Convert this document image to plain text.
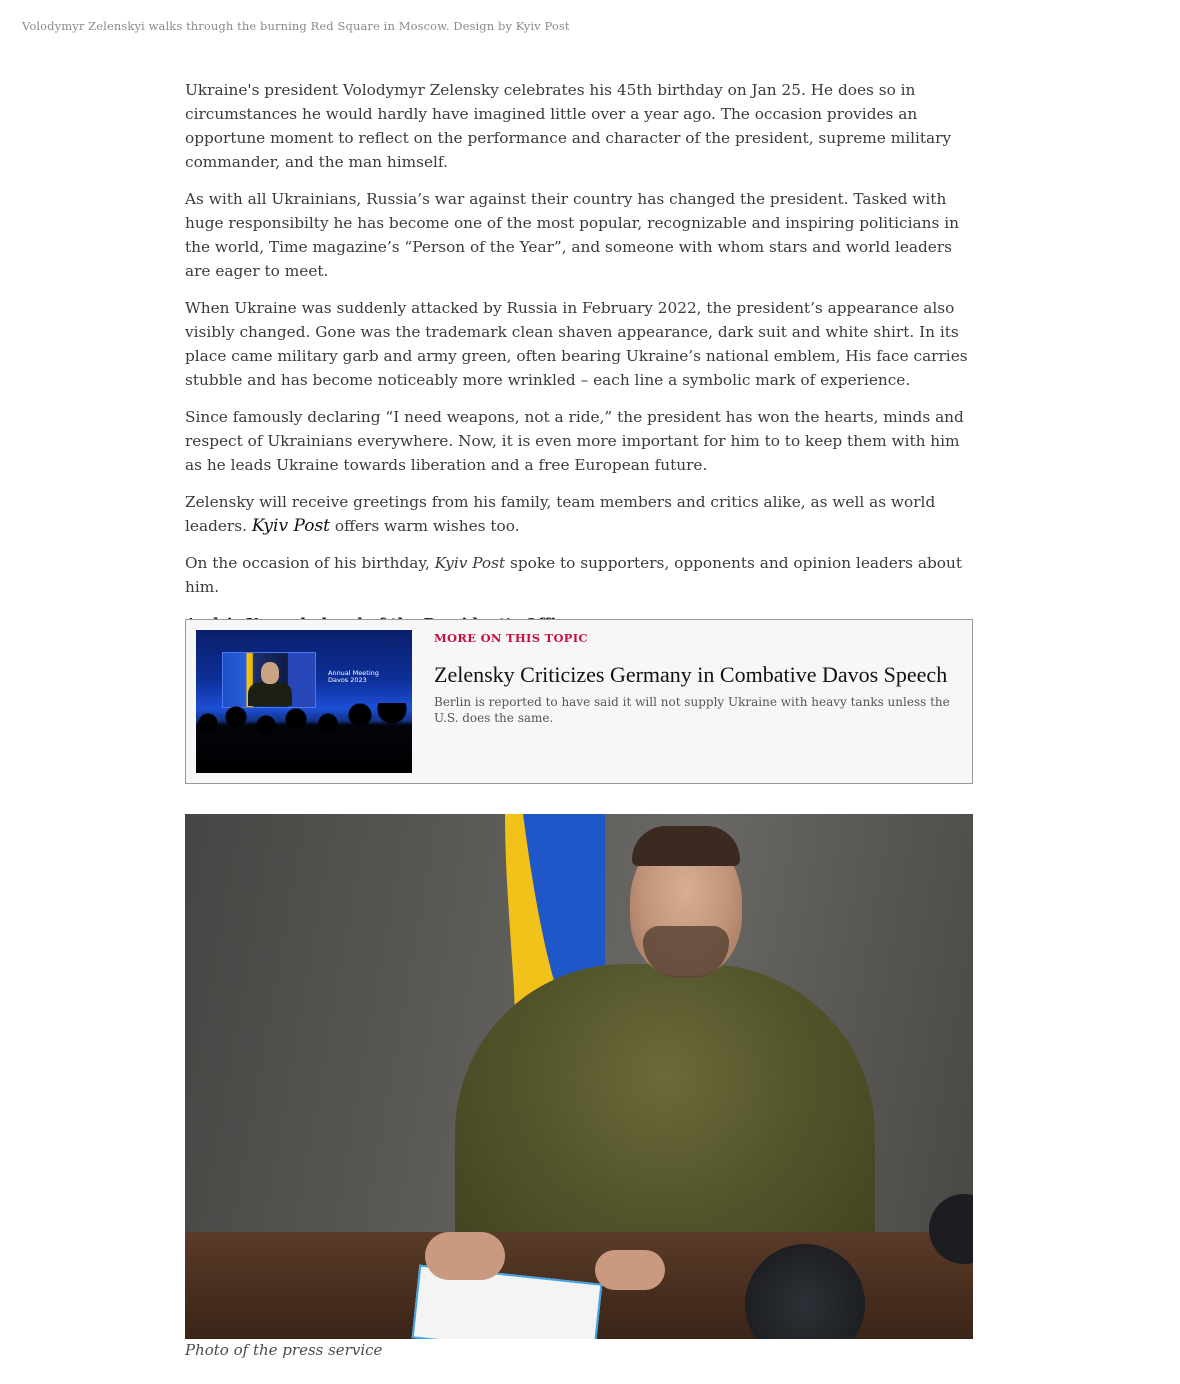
Volodymyr Zelenskyi walks through the burning Red Square in Moscow. Design by Kyiv Post

Ukraine's president Volodymyr Zelensky celebrates his 45th birthday on Jan 25. He does so in circumstances he would hardly have imagined little over a year ago. The occasion provides an opportune moment to reflect on the performance and character of the president, supreme military commander, and the man himself.

As with all Ukrainians, Russia’s war against their country has changed the president. Tasked with huge responsibilty he has become one of the most popular, recognizable and inspiring politicians in the world, Time magazine’s “Person of the Year”, and someone with whom stars and world leaders are eager to meet.

When Ukraine was suddenly attacked by Russia in February 2022, the president’s appearance also visibly changed. Gone was the trademark clean shaven appearance, dark suit and white shirt. In its place came military garb and army green, often bearing Ukraine’s national emblem, His face carries stubble and has become noticeably more wrinkled – each line a symbolic mark of experience.

Since famously declaring “I need weapons, not a ride,” the president has won the hearts, minds and respect of Ukrainians everywhere. Now, it is even more important for him to to keep them with him as he leads Ukraine towards liberation and a free European future.

Zelensky will receive greetings from his family, team members and critics alike, as well as world leaders. Kyiv Post offers warm wishes too.

On the occasion of his birthday, Kyiv Post spoke to supporters, opponents and opinion leaders about him.

Annual Meeting
Davos 2023

MORE ON THIS TOPIC

Zelensky Criticizes Germany in Combative Davos Speech

Berlin is reported to have said it will not supply Ukraine with heavy tanks unless the U.S. does the same.

Photo of the press service
